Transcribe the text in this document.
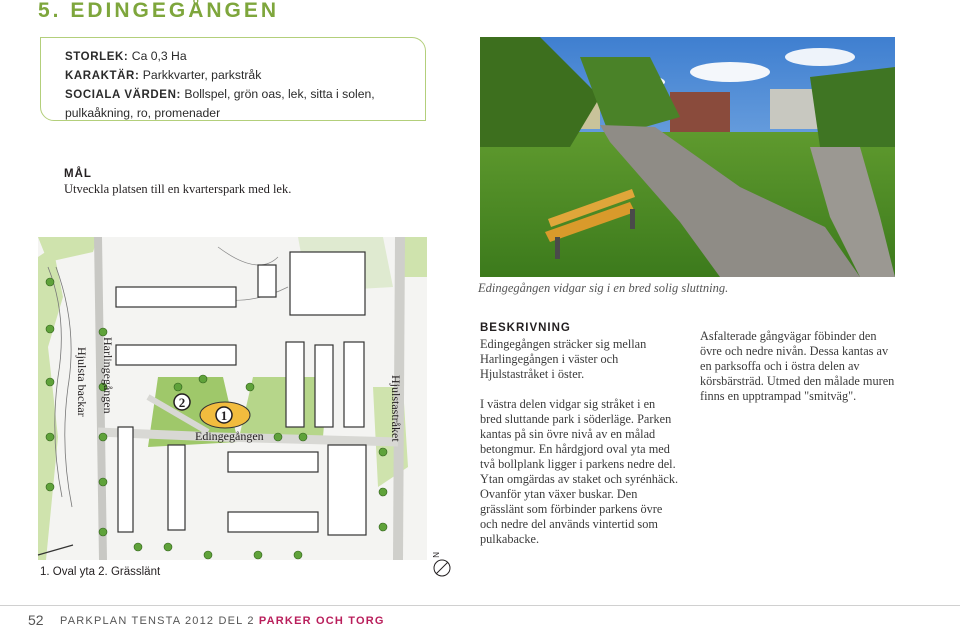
5. EDINGEGÅNGEN
STORLEK: Ca 0,3 Ha
KARAKTÄR: Parkkvarter, parkstråk
SOCIALA VÄRDEN: Bollspel, grön oas, lek, sitta i solen,
pulkaåkning, ro, promenader
MÅL
Utveckla platsen till en kvarterspark med lek.
Edingegången vidgar sig i en bred solig sluttning.
2
1
Hjulsta backar Harlingegången	Hjulstastråket
Edingegången
1. Oval yta 2. Grässlänt
N
BESKRIVNING

Edingegången sträcker sig mellan Harlingegången i väster och Hjulstastråket i öster.

I västra delen vidgar sig stråket i en bred sluttande park i söderläge. Parken kantas på sin övre nivå av en målad betongmur. En hårdgjord oval yta med två bollplank ligger i parkens nedre del. Ytan omgärdas av staket och syrénhäck. Ovanför ytan växer buskar. Den grässlänt som förbinder parkens övre och nedre del används vintertid som pulkabacke.

Asfalterade gångvägar föbinder den övre och nedre nivån. Dessa kantas av en parksoffa och i östra delen av körsbärsträd. Utmed den målade muren finns en upptrampad "smitväg".

52 PARKPLAN TENSTA 2012 DEL 2 PARKER OCH TORG
